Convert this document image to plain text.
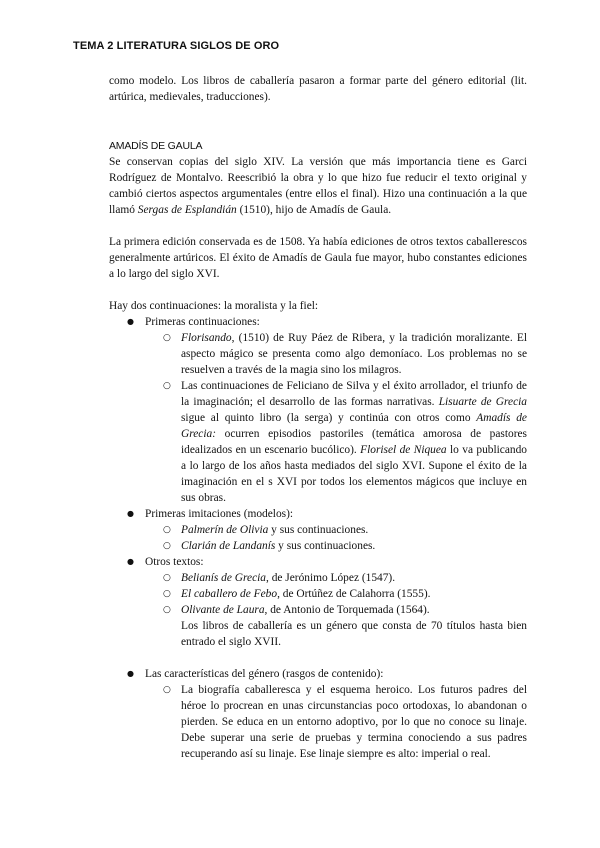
TEMA 2 LITERATURA SIGLOS DE ORO

como modelo. Los libros de caballería pasaron a formar parte del género editorial (lit. artúrica, medievales, traducciones).

AMADÍS DE GAULA

Se conservan copias del siglo XIV. La versión que más importancia tiene es Garci Rodríguez de Montalvo. Reescribió la obra y lo que hizo fue reducir el texto original y cambió ciertos aspectos argumentales (entre ellos el final). Hizo una continuación a la que llamó Sergas de Esplandián (1510), hijo de Amadís de Gaula.

La primera edición conservada es de 1508. Ya había ediciones de otros textos caballerescos generalmente artúricos. El éxito de Amadís de Gaula fue mayor, hubo constantes ediciones a lo largo del siglo XVI.

Hay dos continuaciones: la moralista y la fiel:

● Primeras continuaciones:
○ Florisando, (1510) de Ruy Páez de Ribera, y la tradición moralizante. El aspecto mágico se presenta como algo demoníaco. Los problemas no se resuelven a través de la magia sino los milagros.
○ Las continuaciones de Feliciano de Silva y el éxito arrollador, el triunfo de la imaginación; el desarrollo de las formas narrativas. Lisuarte de Grecia sigue al quinto libro (la serga) y continúa con otros como Amadís de Grecia: ocurren episodios pastoriles (temática amorosa de pastores idealizados en un escenario bucólico). Florisel de Niquea lo va publicando a lo largo de los años hasta mediados del siglo XVI. Supone el éxito de la imaginación en el s XVI por todos los elementos mágicos que incluye en sus obras.
● Primeras imitaciones (modelos):
○ Palmerín de Olivia y sus continuaciones.
○ Clarián de Landanís y sus continuaciones.
● Otros textos:
○ Belianís de Grecia, de Jerónimo López (1547).
○ El caballero de Febo, de Ortúñez de Calahorra (1555).
○ Olivante de Laura, de Antonio de Torquemada (1564).
Los libros de caballería es un género que consta de 70 títulos hasta bien entrado el siglo XVII.
● Las características del género (rasgos de contenido):
○ La biografía caballeresca y el esquema heroico. Los futuros padres del héroe lo procrean en unas circunstancias poco ortodoxas, lo abandonan o pierden. Se educa en un entorno adoptivo, por lo que no conoce su linaje. Debe superar una serie de pruebas y termina conociendo a sus padres recuperando así su linaje. Ese linaje siempre es alto: imperial o real.
